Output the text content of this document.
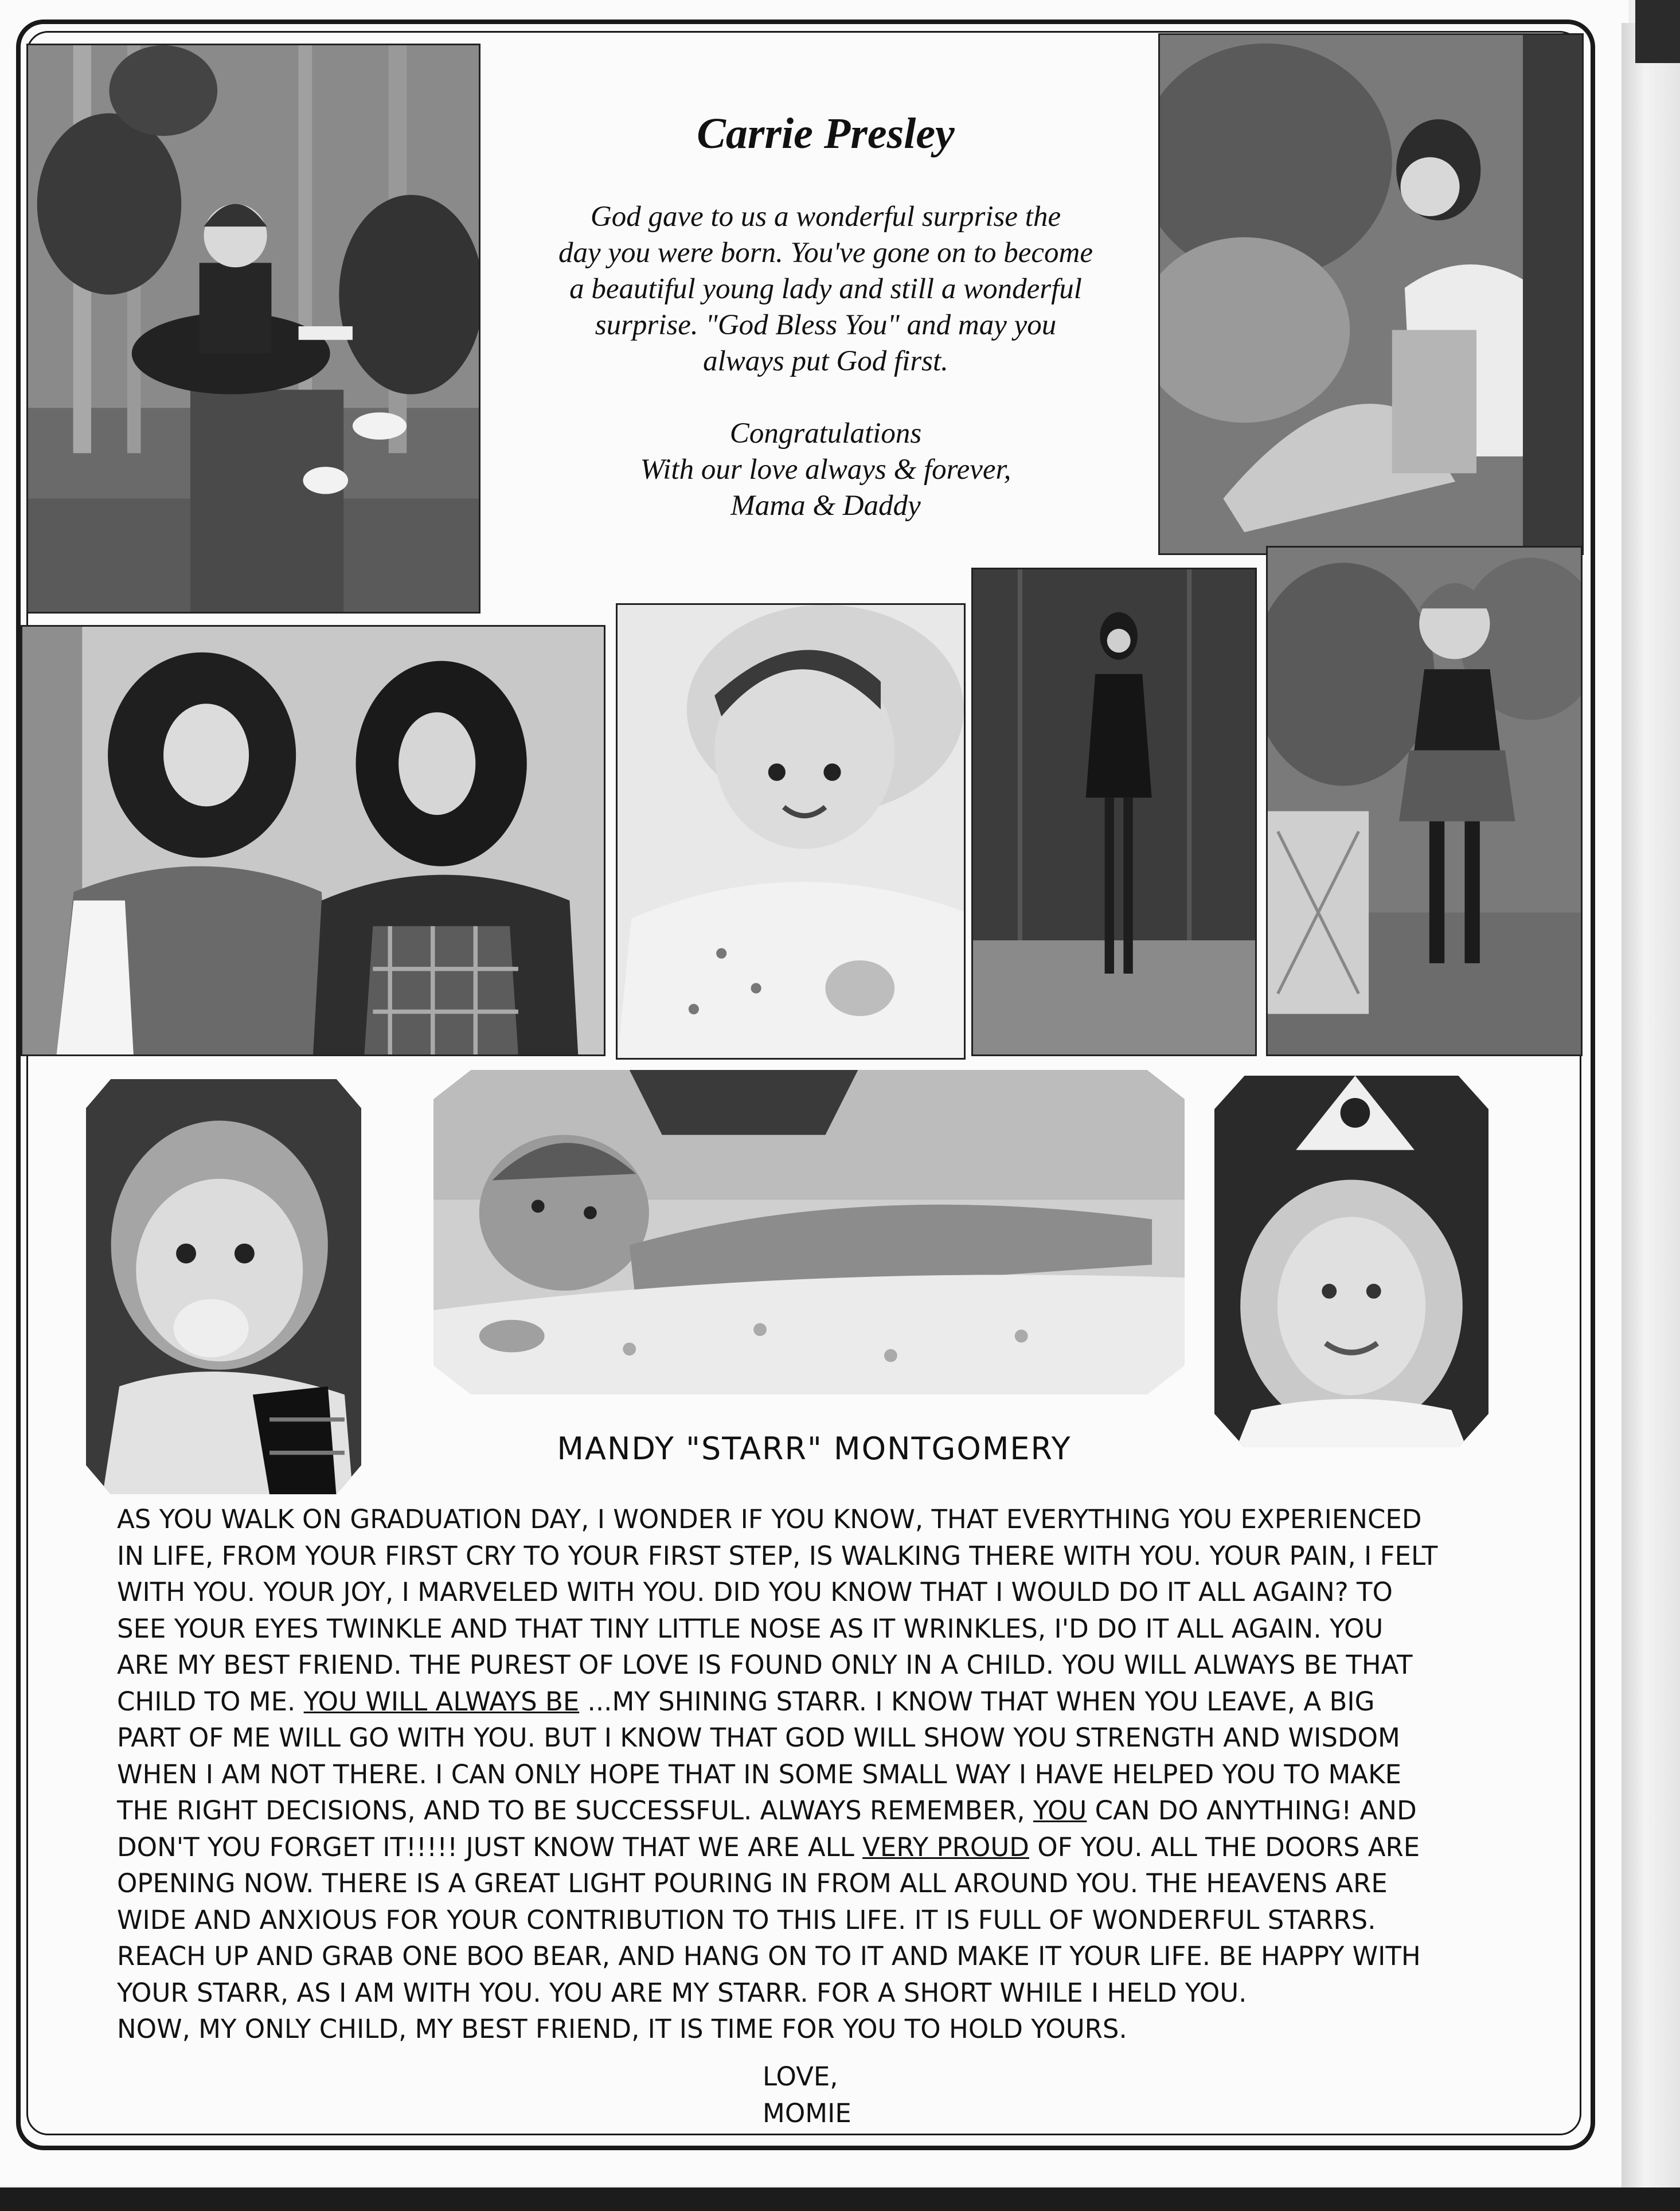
Carrie Presley
God gave to us a wonderful surprise the
day you were born. You've gone on to become
a beautiful young lady and still a wonderful
surprise. "God Bless You" and may you
always put God first.
Congratulations
With our love always & forever,
Mama & Daddy
MANDY "STARR" MONTGOMERY
AS YOU WALK ON GRADUATION DAY, I WONDER IF YOU KNOW, THAT EVERYTHING YOU EXPERIENCED
IN LIFE, FROM YOUR FIRST CRY TO YOUR FIRST STEP, IS WALKING THERE WITH YOU. YOUR PAIN, I FELT
WITH YOU. YOUR JOY, I MARVELED WITH YOU. DID YOU KNOW THAT I WOULD DO IT ALL AGAIN? TO
SEE YOUR EYES TWINKLE AND THAT TINY LITTLE NOSE AS IT WRINKLES, I'D DO IT ALL AGAIN. YOU
ARE MY BEST FRIEND. THE PUREST OF LOVE IS FOUND ONLY IN A CHILD. YOU WILL ALWAYS BE THAT
CHILD TO ME. YOU WILL ALWAYS BE ...MY SHINING STARR. I KNOW THAT WHEN YOU LEAVE, A BIG
PART OF ME WILL GO WITH YOU. BUT I KNOW THAT GOD WILL SHOW YOU STRENGTH AND WISDOM
WHEN I AM NOT THERE. I CAN ONLY HOPE THAT IN SOME SMALL WAY I HAVE HELPED YOU TO MAKE
THE RIGHT DECISIONS, AND TO BE SUCCESSFUL. ALWAYS REMEMBER, YOU CAN DO ANYTHING! AND
DON'T YOU FORGET IT!!!!! JUST KNOW THAT WE ARE ALL VERY PROUD OF YOU. ALL THE DOORS ARE
OPENING NOW. THERE IS A GREAT LIGHT POURING IN FROM ALL AROUND YOU. THE HEAVENS ARE
WIDE AND ANXIOUS FOR YOUR CONTRIBUTION TO THIS LIFE. IT IS FULL OF WONDERFUL STARRS.
REACH UP AND GRAB ONE BOO BEAR, AND HANG ON TO IT AND MAKE IT YOUR LIFE. BE HAPPY WITH
YOUR STARR, AS I AM WITH YOU. YOU ARE MY STARR. FOR A SHORT WHILE I HELD YOU.
NOW, MY ONLY CHILD, MY BEST FRIEND, IT IS TIME FOR YOU TO HOLD YOURS.
LOVE,
MOMIE
